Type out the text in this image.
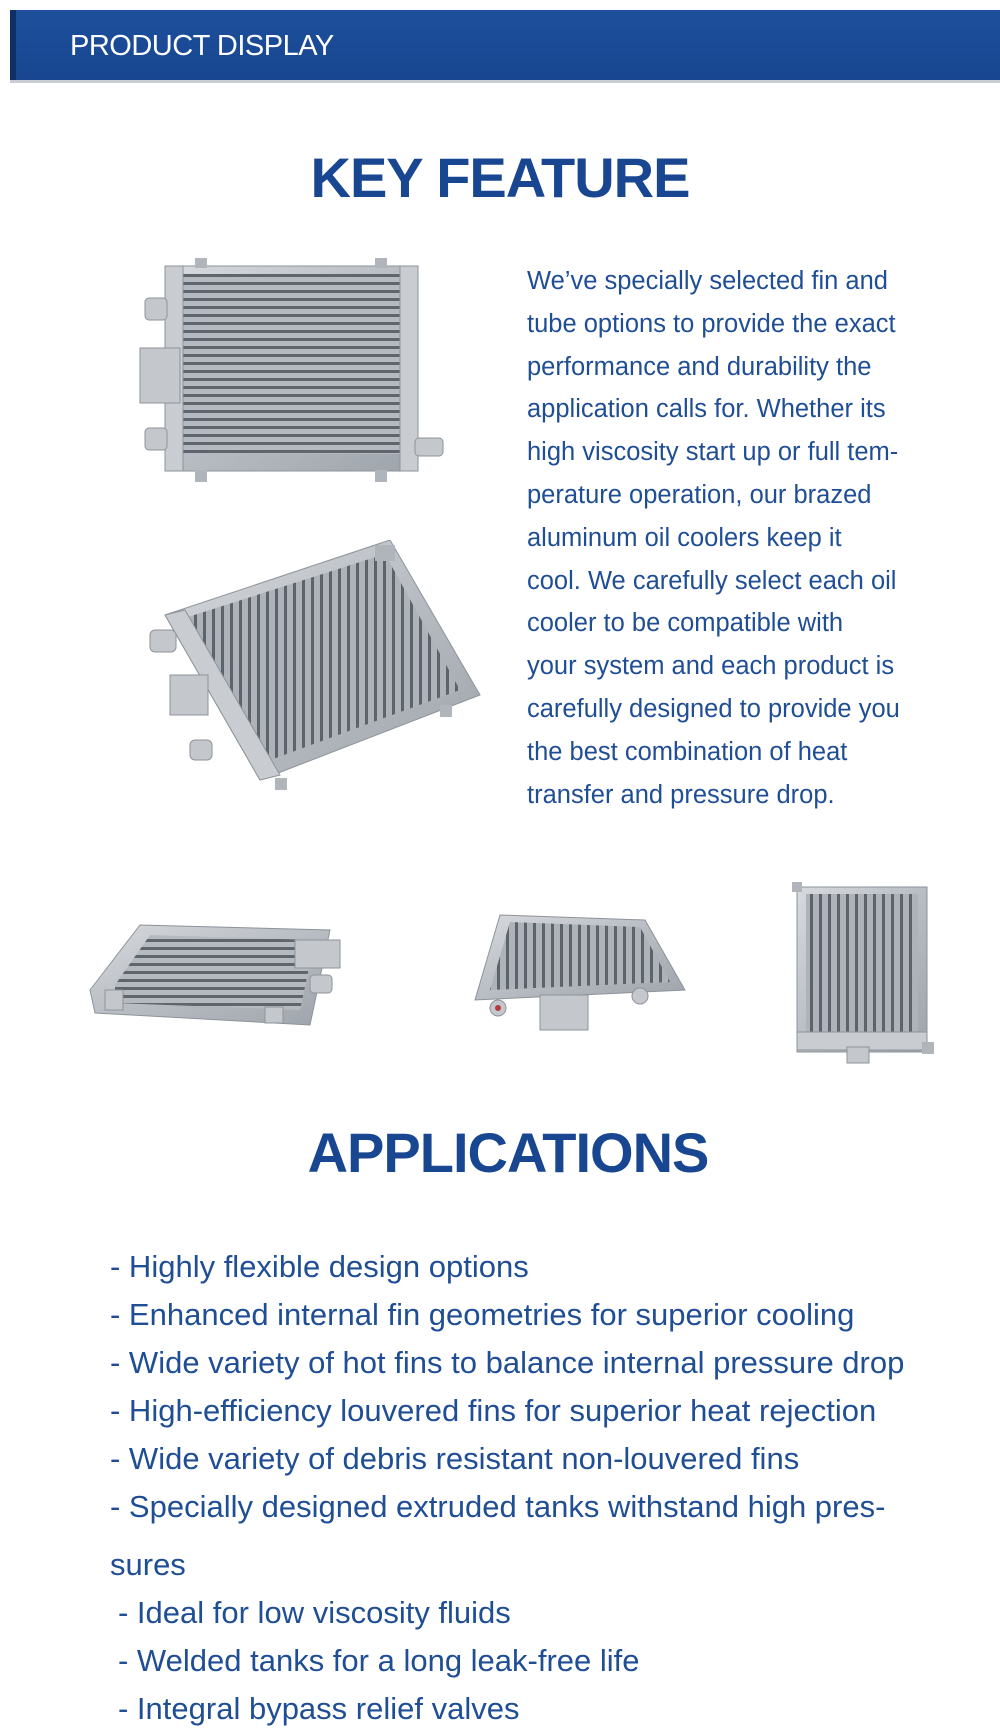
PRODUCT DISPLAY
KEY FEATURE
We’ve specially selected fin and
tube options to provide the exact
performance and durability the
application calls for. Whether its
high viscosity start up or full tem-
perature operation, our brazed
aluminum oil coolers keep it
cool. We carefully select each oil
cooler to be compatible with
your system and each product is
carefully designed to provide you
the best combination of heat
transfer and pressure drop.
APPLICATIONS
- Highly flexible design options
- Enhanced internal fin geometries for superior cooling
- Wide variety of hot fins to balance internal pressure drop
- High-efficiency louvered fins for superior heat rejection
- Wide variety of debris resistant non-louvered fins
- Specially designed extruded tanks withstand high pres-
sures
- Ideal for low viscosity fluids
- Welded tanks for a long leak-free life
- Integral bypass relief valves
